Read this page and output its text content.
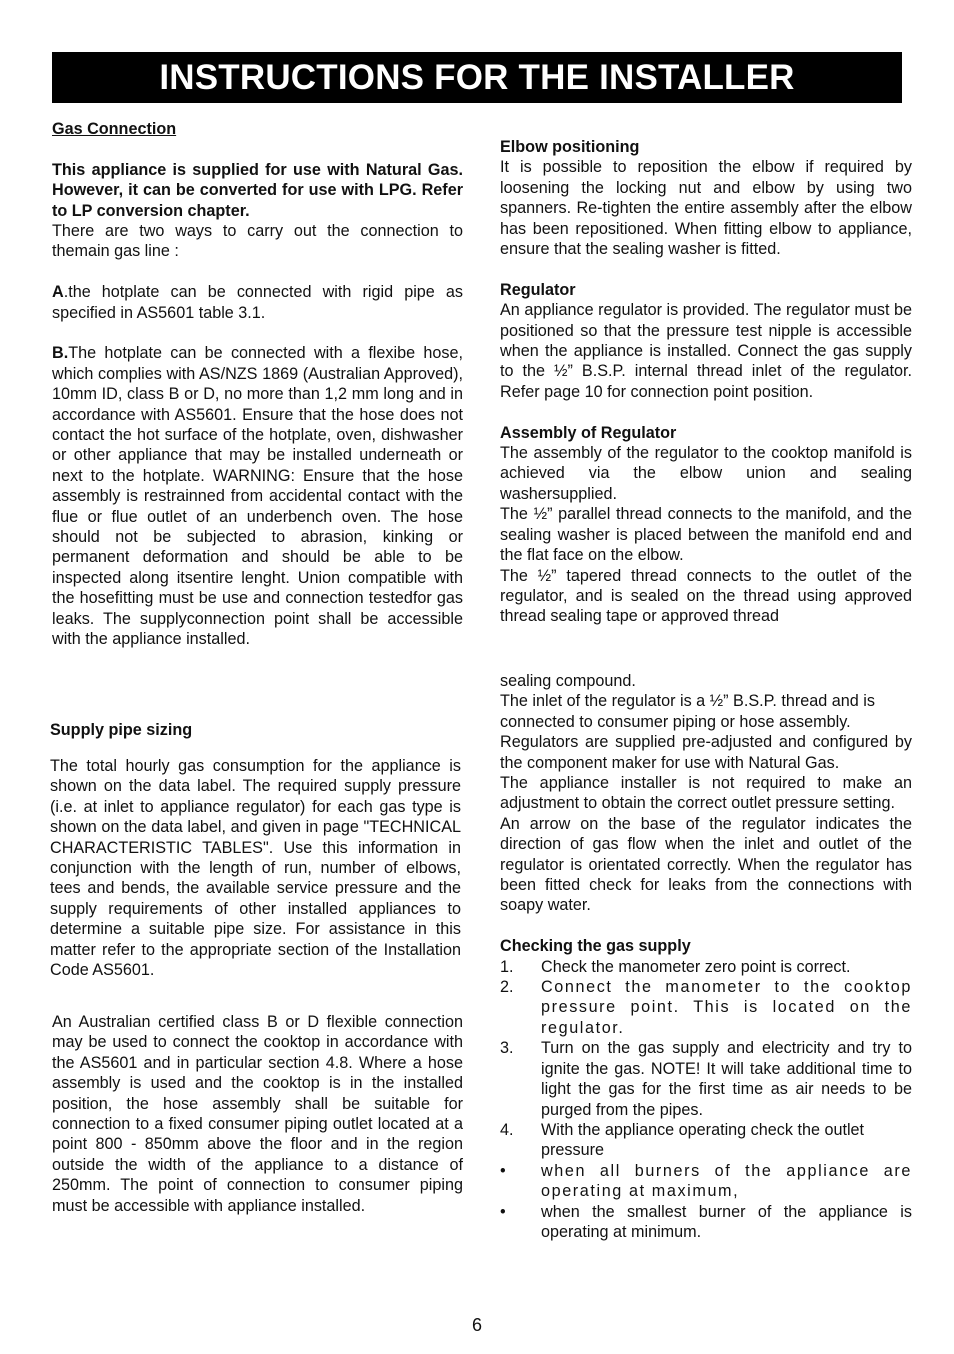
INSTRUCTIONS FOR THE INSTALLER

Gas Connection

This appliance is supplied for use with Natural Gas. However, it can be converted for use with LPG. Refer to LP conversion chapter.

There are two ways to carry out the connection to themain gas line :

A.the hotplate can be connected with rigid pipe as specified in AS5601 table 3.1.

B.The hotplate can be connected with a flexibe hose, which complies with AS/NZS 1869 (Australian Approved), 10mm ID, class B or D, no more than 1,2 mm long and in accordance with AS5601. Ensure that the hose does not contact the hot surface of the hotplate, oven, dishwasher or other appliance that may be installed underneath or next to the hotplate. WARNING: Ensure that the hose assembly is restrainned from accidental contact with the flue or flue outlet of an underbench oven. The hose should not be subjected to abrasion, kinking or permanent deformation and should be able to be inspected along itsentire lenght. Union compatible with the hosefitting must be use and connection testedfor gas leaks. The supplyconnection point shall be accessible with the appliance installed.

Supply pipe sizing

The total hourly gas consumption for the appliance is shown on the data label. The required supply pressure (i.e. at inlet to appliance regulator) for each gas type is shown on the data label, and given in page "TECHNICAL CHARACTERISTIC TABLES". Use this information in conjunction with the length of run, number of elbows, tees and bends, the available service pressure and the supply requirements of other installed appliances to determine a suitable pipe size. For assistance in this matter refer to the appropriate section of the Installation Code AS5601.

An Australian certified class B or D flexible connection may be used to connect the cooktop in accordance with the AS5601 and in particular section 4.8. Where a hose assembly is used and the cooktop is in the installed position, the hose assembly shall be suitable for connection to a fixed consumer piping outlet located at a point 800 - 850mm above the floor and in the region outside the width of the appliance to a distance of 250mm. The point of connection to consumer piping must be accessible with appliance installed.

Elbow positioning

It is possible to reposition the elbow if required by loosening the locking nut and elbow by using two spanners. Re-tighten the entire assembly after the elbow has been repositioned. When fitting elbow to appliance, ensure that the sealing washer is fitted.

Regulator

An appliance regulator is provided. The regulator must be positioned so that the pressure test nipple is accessible when the appliance is installed. Connect the gas supply to the ½” B.S.P. internal thread inlet of the regulator. Refer page 10 for connection point position.

Assembly of Regulator

The assembly of the regulator to the cooktop manifold is achieved via the elbow union and sealing washersupplied.

The ½” parallel thread connects to the manifold, and the sealing washer is placed between the manifold end and the flat face on the elbow.

The ½” tapered thread connects to the outlet of the regulator, and is sealed on the thread using approved thread sealing tape or approved thread

sealing compound.

The inlet of the regulator is a ½” B.S.P. thread and is connected to consumer piping or hose assembly.

Regulators are supplied pre-adjusted and configured by the component maker for use with Natural Gas.

The appliance installer is not required to make an adjustment to obtain the correct outlet pressure setting.

An arrow on the base of the regulator indicates the direction of gas flow when the inlet and outlet of the regulator is orientated correctly. When the regulator has been fitted check for leaks from the connections with soapy water.

Checking the gas supply

1. Check the manometer zero point is correct.
2. Connect the manometer to the cooktop pressure point. This is located on the regulator.
3. Turn on the gas supply and electricity and try to ignite the gas. NOTE! It will take additional time to light the gas for the first time as air needs to be purged from the pipes.
4. With the appliance operating check the outlet pressure
• when all burners of the appliance are operating at maximum,
• when the smallest burner of the appliance is operating at minimum.
6
